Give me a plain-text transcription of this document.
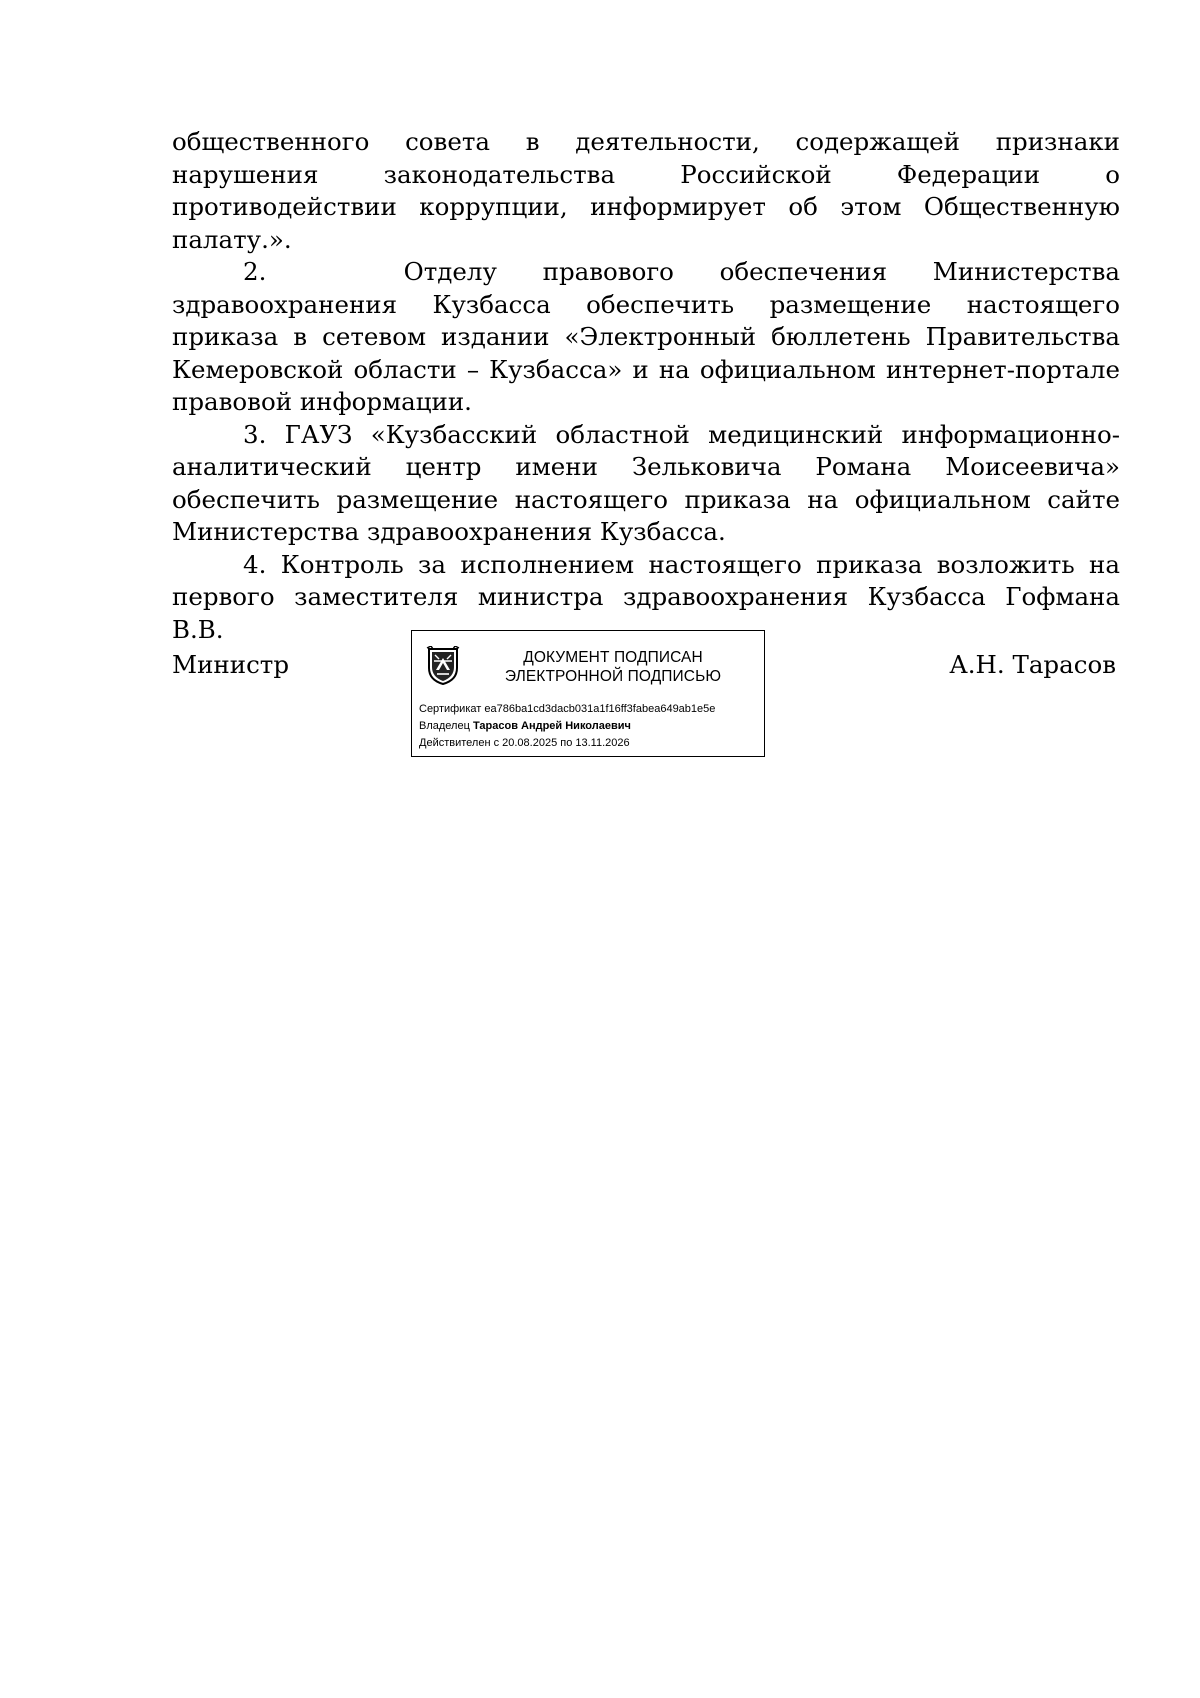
общественного совета в деятельности, содержащей признаки нарушения законодательства Российской Федерации о противодействии коррупции, информирует об этом Общественную палату.».

2.   Отделу правового обеспечения Министерства здравоохранения Кузбасса обеспечить размещение настоящего приказа в сетевом издании «Электронный бюллетень Правительства Кемеровской области – Кузбасса» и на официальном интернет-портале правовой информации.

3. ГАУЗ «Кузбасский областной медицинский информационно-аналитический центр имени Зельковича Романа Моисеевича» обеспечить размещение настоящего приказа на официальном сайте Министерства здравоохранения Кузбасса.

4. Контроль за исполнением настоящего приказа возложить на первого заместителя министра здравоохранения Кузбасса Гофмана В.В.

Министр	ДОКУМЕНТ ПОДПИСАН
ЭЛЕКТРОННОЙ ПОДПИСЬЮ
Сертификат ea786ba1cd3dacb031a1f16ff3fabea649ab1e5e
Владелец Тарасов Андрей Николаевич
Действителен с 20.08.2025 по 13.11.2026
А.Н. Тарасов
